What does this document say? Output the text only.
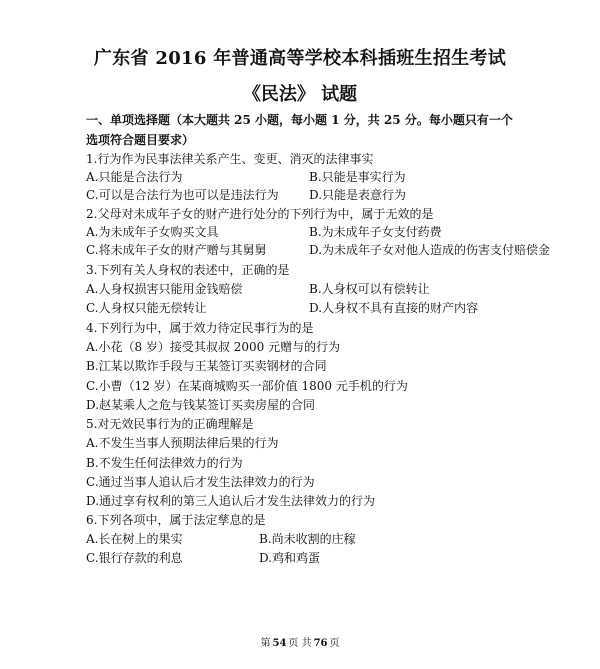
广东省 2016 年普通高等学校本科插班生招生考试
《民法》 试题
一、单项选择题（本大题共 25 小题，每小题 1 分，共 25 分。每小题只有一个选项符合题目要求）
1.行为作为民事法律关系产生、变更、消灭的法律事实
A.只能是合法行为	B.只能是事实行为
C.可以是合法行为也可以是违法行为	D.只能是表意行为
2.父母对未成年子女的财产进行处分的下列行为中，属于无效的是
A.为未成年子女购买文具	B.为未成年子女支付药费
C.将未成年子女的财产赠与其舅舅	D.为未成年子女对他人造成的伤害支付赔偿金
3.下列有关人身权的表述中，正确的是
A.人身权损害只能用金钱赔偿	B.人身权可以有偿转让
C.人身权只能无偿转让	D.人身权不具有直接的财产内容
4.下列行为中，属于效力待定民事行为的是
A.小花（8 岁）接受其叔叔 2000 元赠与的行为
B.江某以欺诈手段与王某签订买卖钢材的合同
C.小曹（12 岁）在某商城购买一部价值 1800 元手机的行为
D.赵某乘人之危与钱某签订买卖房屋的合同
5.对无效民事行为的正确理解是
A.不发生当事人预期法律后果的行为
B.不发生任何法律效力的行为
C.通过当事人追认后才发生法律效力的行为
D.通过享有权利的第三人追认后才发生法律效力的行为
6.下列各项中，属于法定孳息的是
A.长在树上的果实	B.尚未收割的庄稼
C.银行存款的利息	D.鸡和鸡蛋
第 54 页 共 76 页
